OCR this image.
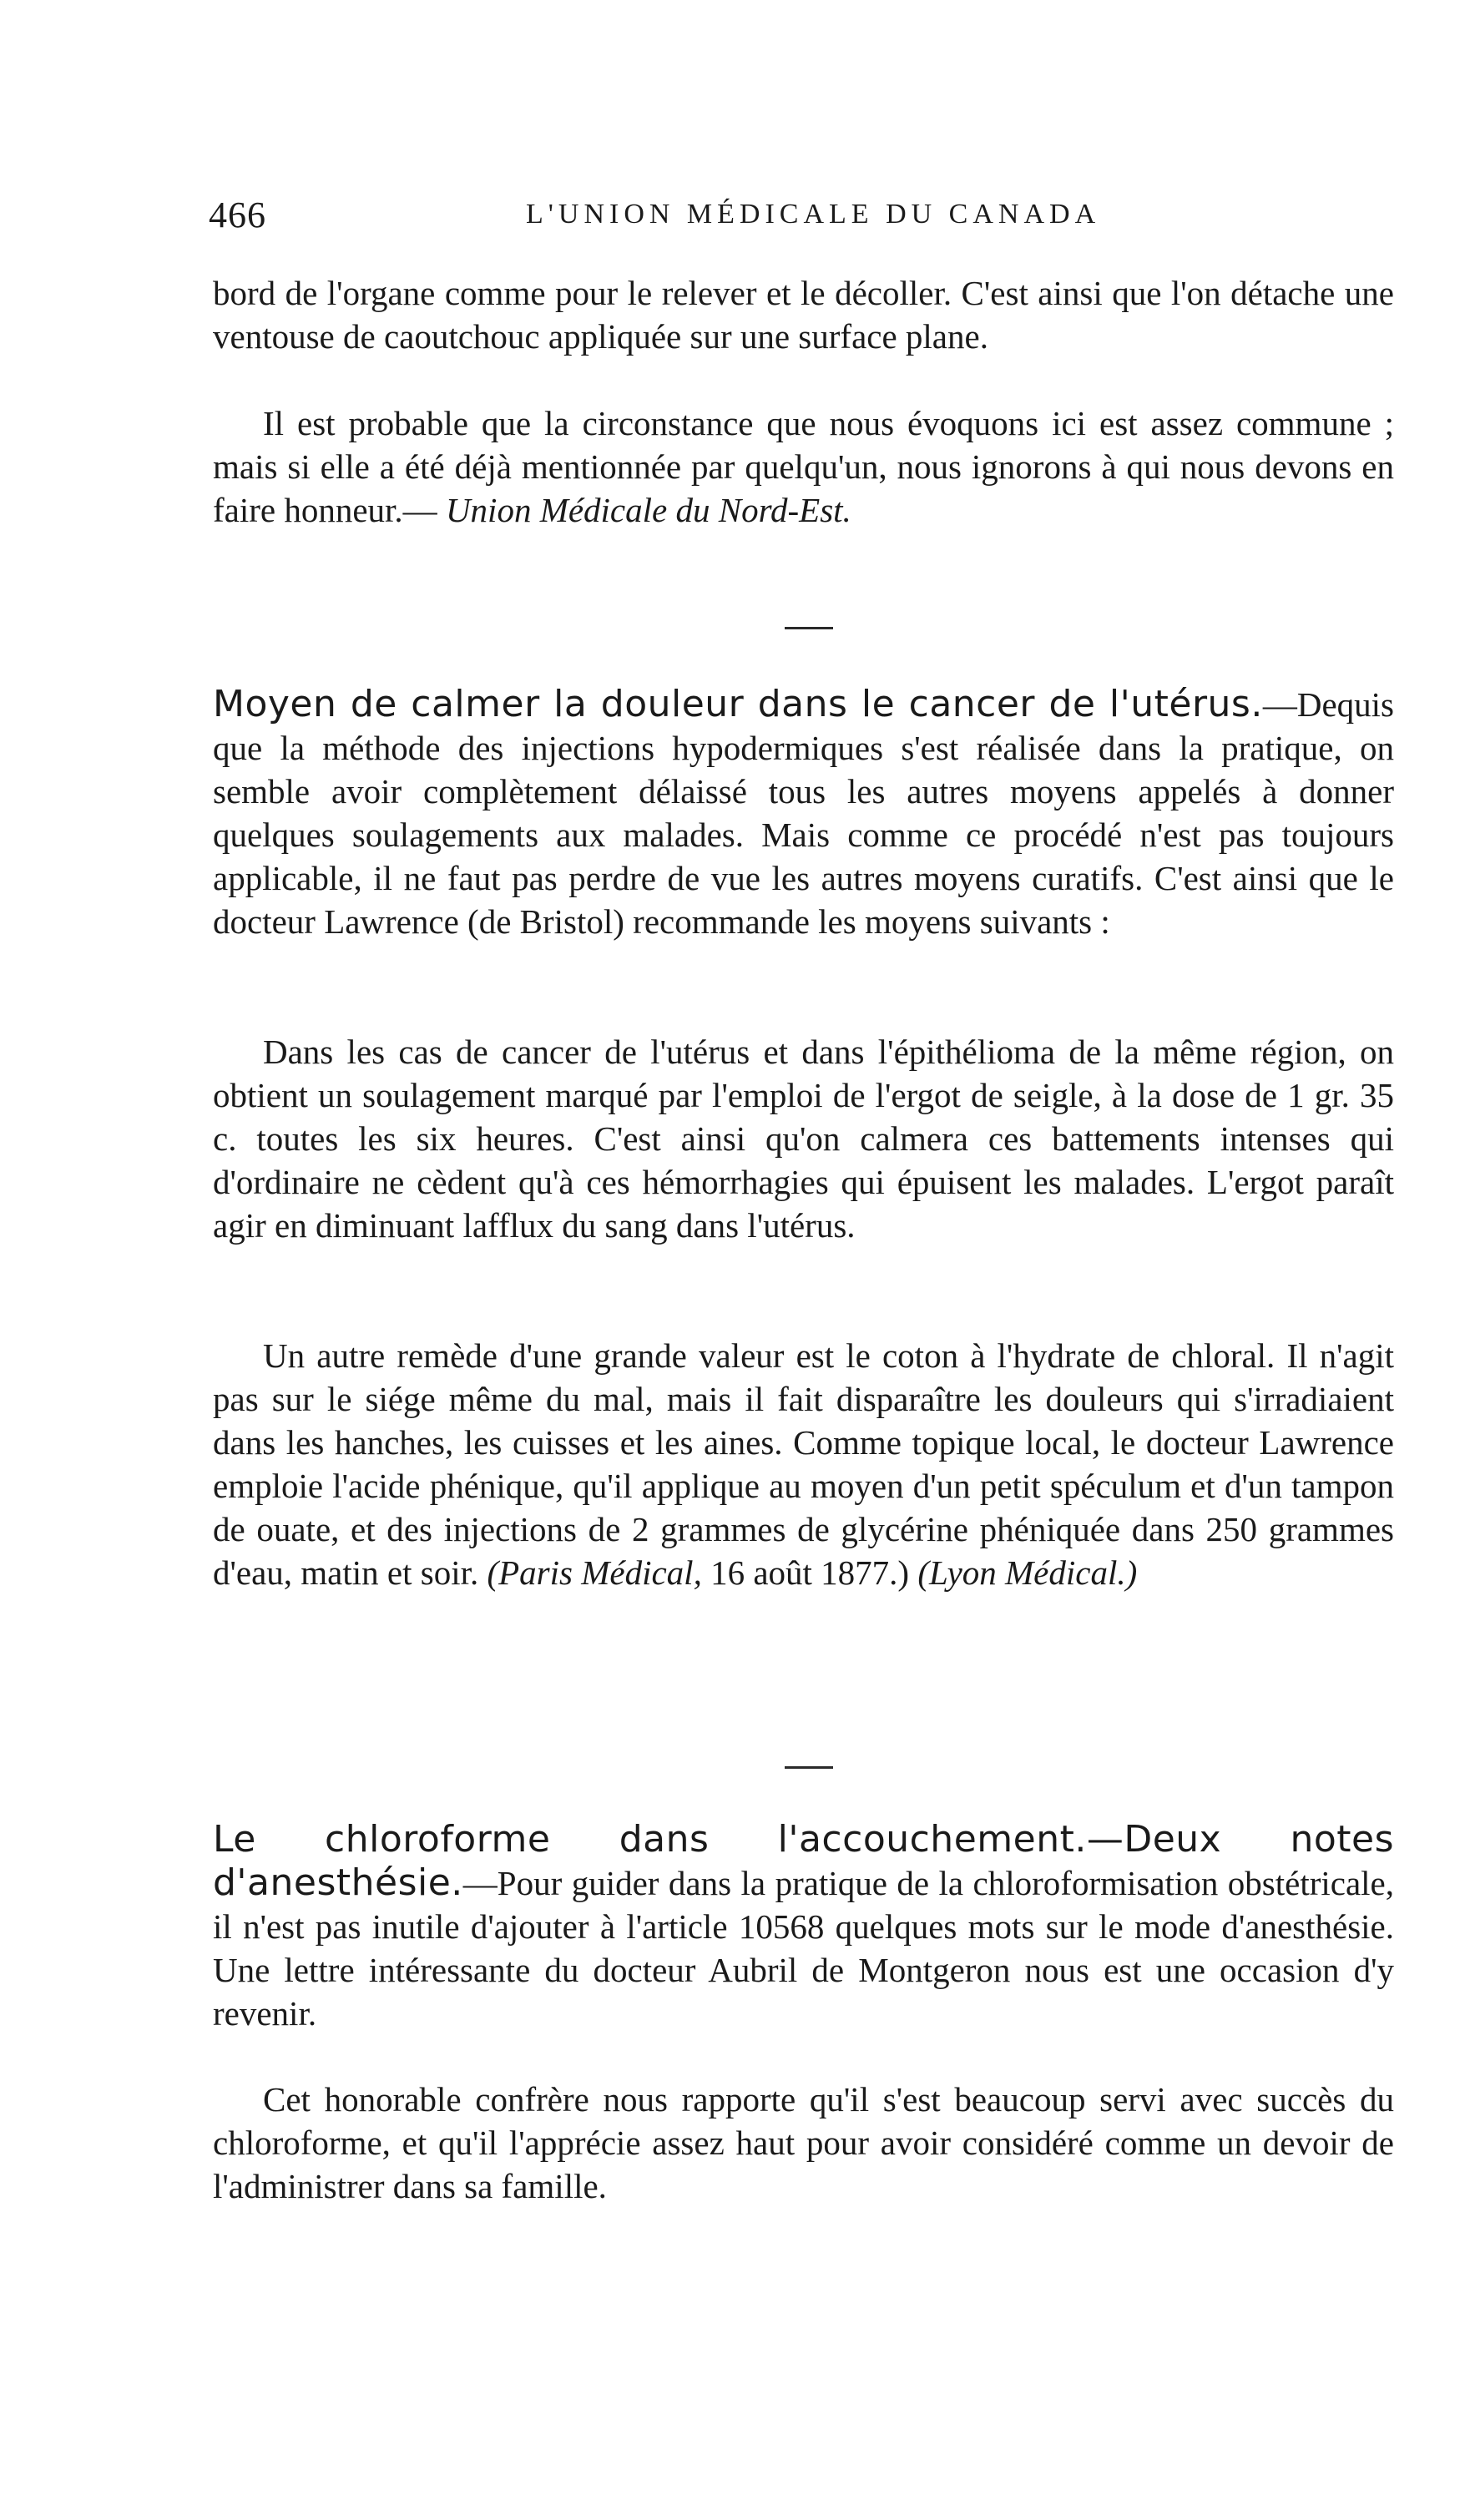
466	L'UNION MÉDICALE DU CANADA

bord de l'organe comme pour le relever et le décoller. C'est ainsi que l'on détache une ventouse de caoutchouc appliquée sur une surface plane.

Il est probable que la circonstance que nous évoquons ici est assez commune ; mais si elle a été déjà mentionnée par quelqu'un, nous ignorons à qui nous devons en faire honneur.— Union Médicale du Nord-Est.

Moyen de calmer la douleur dans le cancer de l'utérus.—Dequis que la méthode des injections hypodermiques s'est réalisée dans la pratique, on semble avoir complètement délaissé tous les autres moyens appelés à donner quelques soulagements aux malades. Mais comme ce procédé n'est pas toujours applicable, il ne faut pas perdre de vue les autres moyens curatifs. C'est ainsi que le docteur Lawrence (de Bristol) recommande les moyens suivants :

Dans les cas de cancer de l'utérus et dans l'épithélioma de la même région, on obtient un soulagement marqué par l'emploi de l'ergot de seigle, à la dose de 1 gr. 35 c. toutes les six heures. C'est ainsi qu'on calmera ces battements intenses qui d'ordinaire ne cèdent qu'à ces hémorrhagies qui épuisent les malades. L'ergot paraît agir en diminuant lafflux du sang dans l'utérus.

Un autre remède d'une grande valeur est le coton à l'hydrate de chloral. Il n'agit pas sur le siége même du mal, mais il fait disparaître les douleurs qui s'irradiaient dans les hanches, les cuisses et les aines. Comme topique local, le docteur Lawrence emploie l'acide phénique, qu'il applique au moyen d'un petit spéculum et d'un tampon de ouate, et des injections de 2 grammes de glycérine phéniquée dans 250 grammes d'eau, matin et soir. (Paris Médical, 16 août 1877.) (Lyon Médical.)

Le chloroforme dans l'accouchement.—Deux notes d'anesthésie.—Pour guider dans la pratique de la chloroformisation obstétricale, il n'est pas inutile d'ajouter à l'article 10568 quelques mots sur le mode d'anesthésie. Une lettre intéressante du docteur Aubril de Montgeron nous est une occasion d'y revenir.

Cet honorable confrère nous rapporte qu'il s'est beaucoup servi avec succès du chloroforme, et qu'il l'apprécie assez haut pour avoir considéré comme un devoir de l'administrer dans sa famille.
